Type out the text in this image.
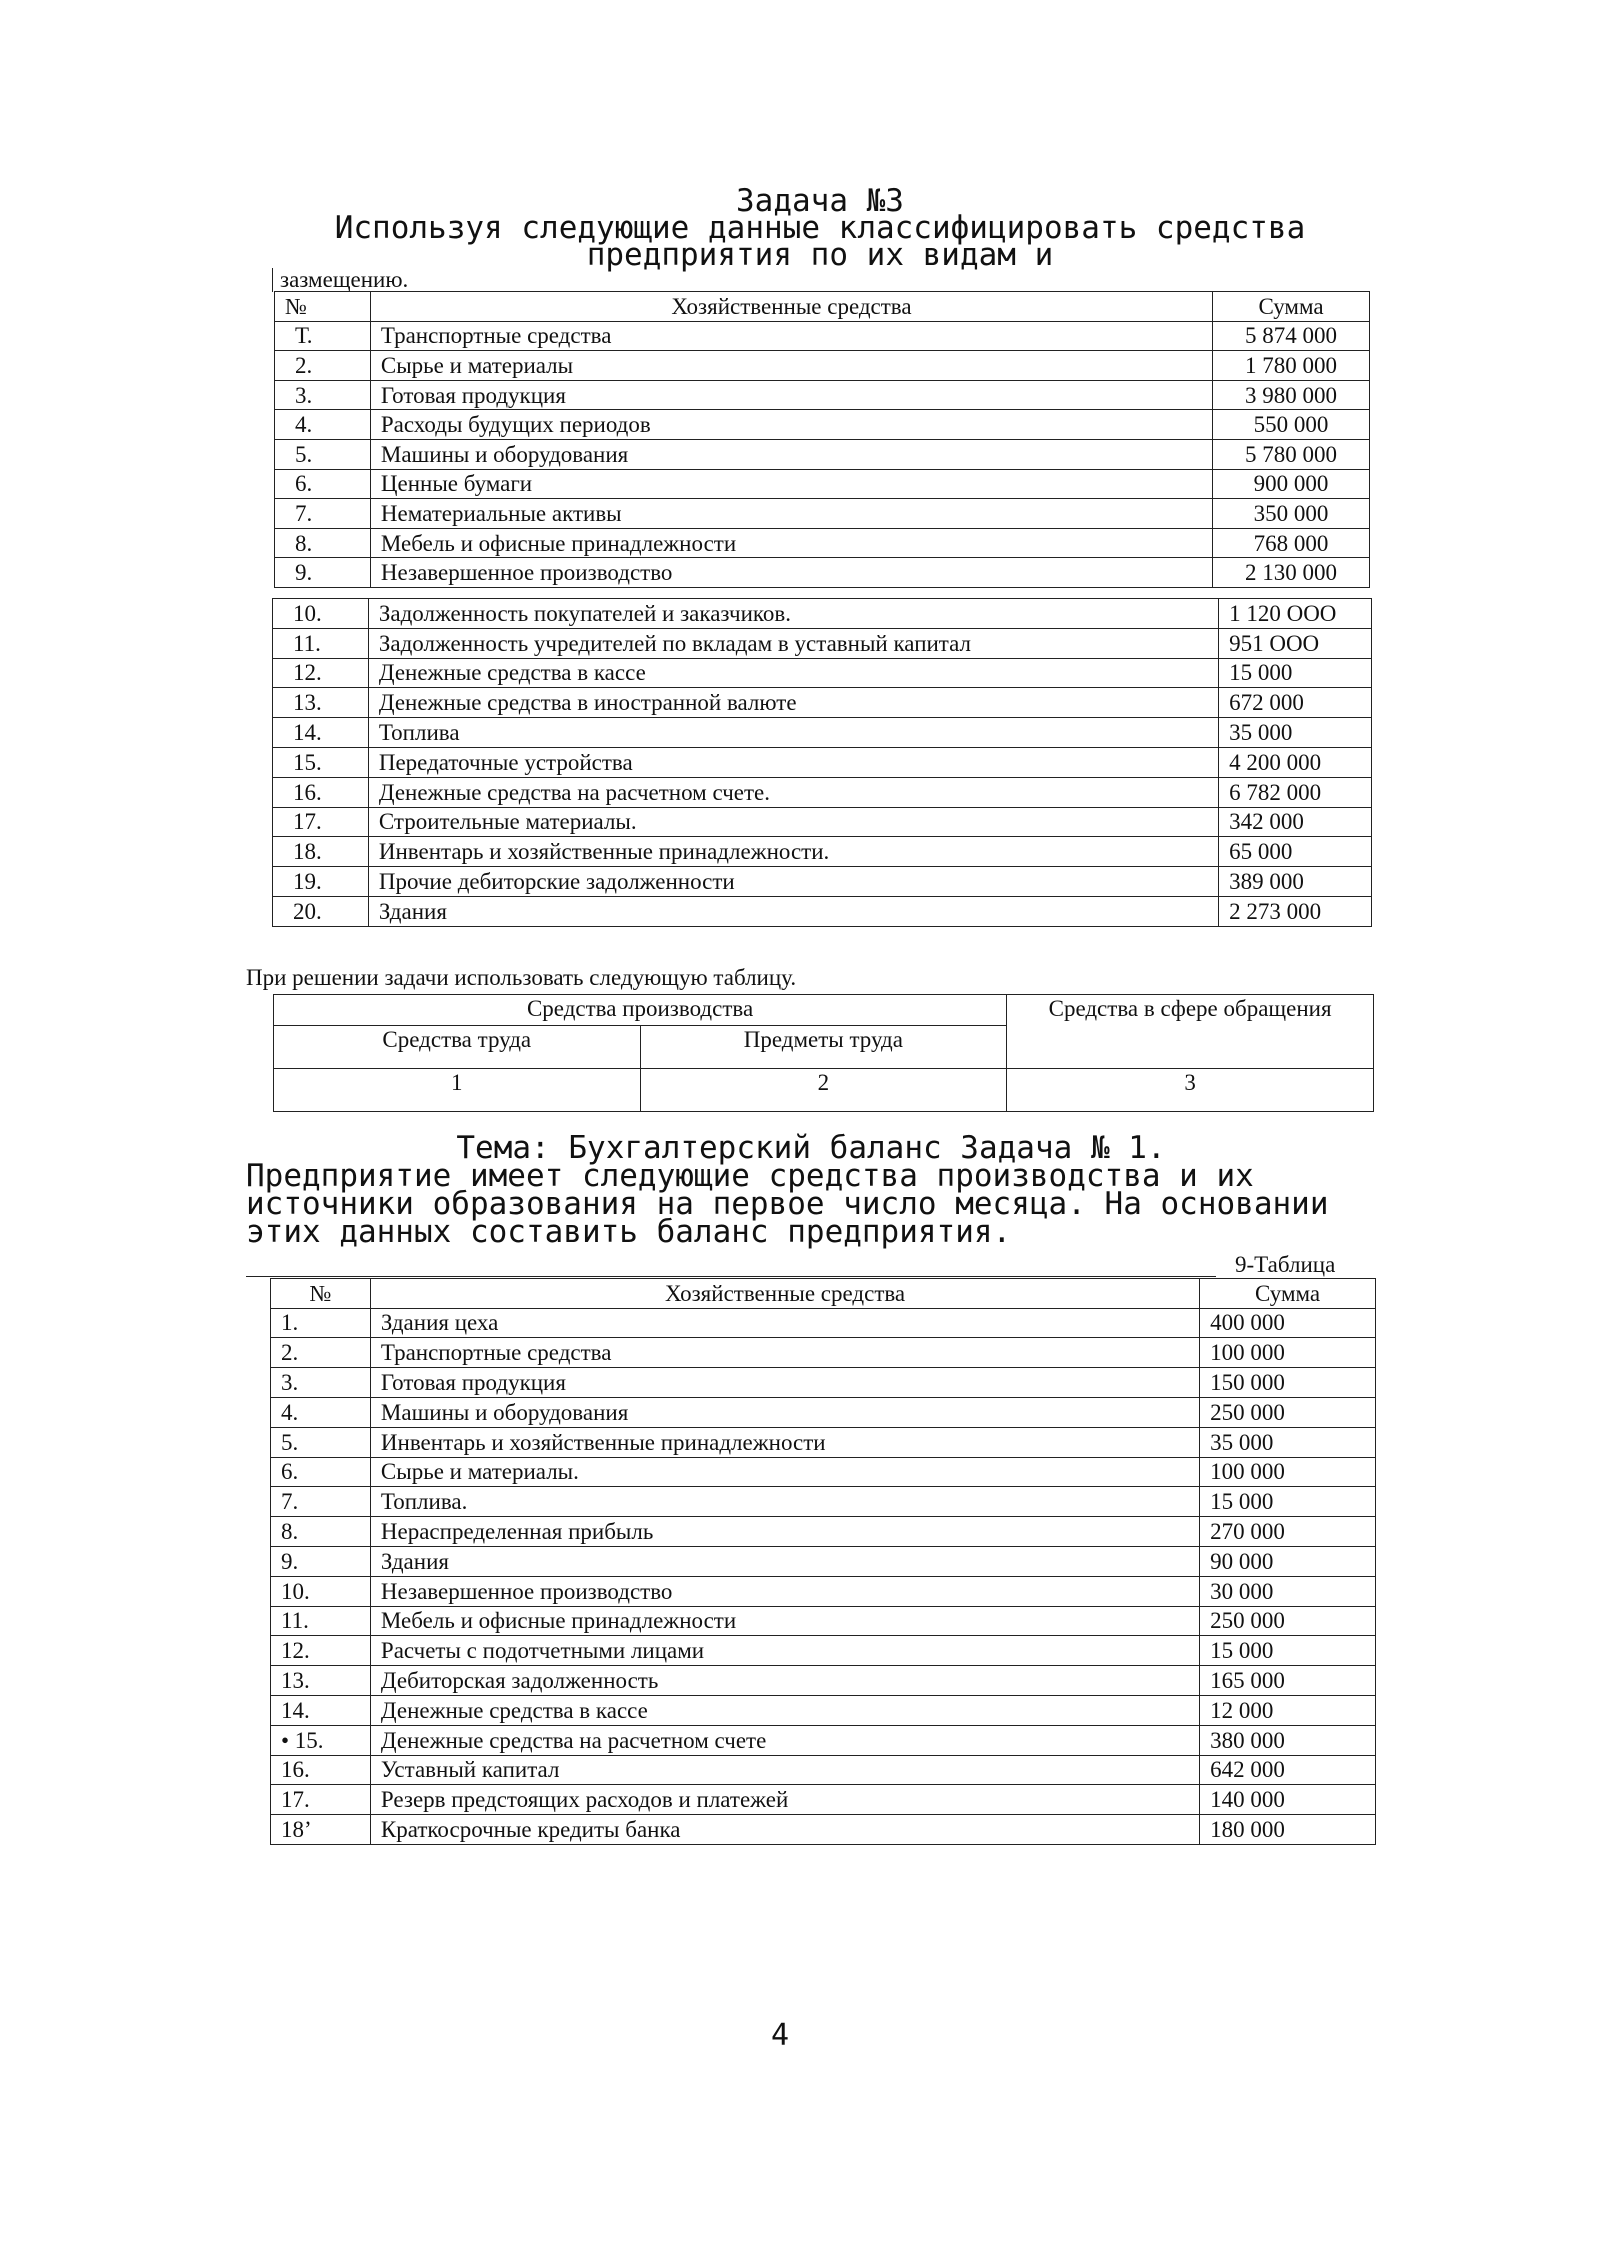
Задача №3
Используя следующие данные классифицировать средства
предприятия по их видам и
зазмещению.
№	Хозяйственные средства	Сумма
Т.	Транспортные средства	5 874 000
2.	Сырье и материалы	1 780 000
3.	Готовая продукция	3 980 000
4.	Расходы будущих периодов	550 000
5.	Машины и оборудования	5 780 000
6.	Ценные бумаги	900 000
7.	Нематериальные активы	350 000
8.	Мебель и офисные принадлежности	768 000
9.	Незавершенное производство	2 130 000
10.	Задолженность покупателей и заказчиков.	1 120 ООО
11.	Задолженность учредителей по вкладам в уставный капитал	951 ООО
12.	Денежные средства в кассе	15 000
13.	Денежные средства в иностранной валюте	672 000
14.	Топлива	35 000
15.	Передаточные устройства	4 200 000
16.	Денежные средства на расчетном счете.	6 782 000
17.	Строительные материалы.	342 000
18.	Инвентарь и хозяйственные принадлежности.	65 000
19.	Прочие дебиторские задолженности	389 000
20.	Здания	2 273 000
При решении задачи использовать следующую таблицу.
Средства производства		Средства в сфере обращения
Средства труда	Предметы труда	
1	2	3
Тема: Бухгалтерский баланс Задача № 1.
Предприятие имеет следующие средства производства и их
источники образования на первое число месяца. На основании
этих данных составить баланс предприятия.
9-Таблица
№	Хозяйственные средства	Сумма
1.	Здания цеха	400 000
2.	Транспортные средства	100 000
3.	Готовая продукция	150 000
4.	Машины и оборудования	250 000
5.	Инвентарь и хозяйственные принадлежности	35 000
6.	Сырье и материалы.	100 000
7.	Топлива.	15 000
8.	Нераспределенная прибыль	270 000
9.	Здания	90 000
10.	Незавершенное производство	30 000
11.	Мебель и офисные принадлежности	250 000
12.	Расчеты с подотчетными лицами	15 000
13.	Дебиторская задолженность	165 000
14.	Денежные средства в кассе	12 000
• 15.	Денежные средства на расчетном счете	380 000
16.	Уставный капитал	642 000
17.	Резерв предстоящих расходов и платежей	140 000
18’	Краткосрочные кредиты банка	180 000
4
